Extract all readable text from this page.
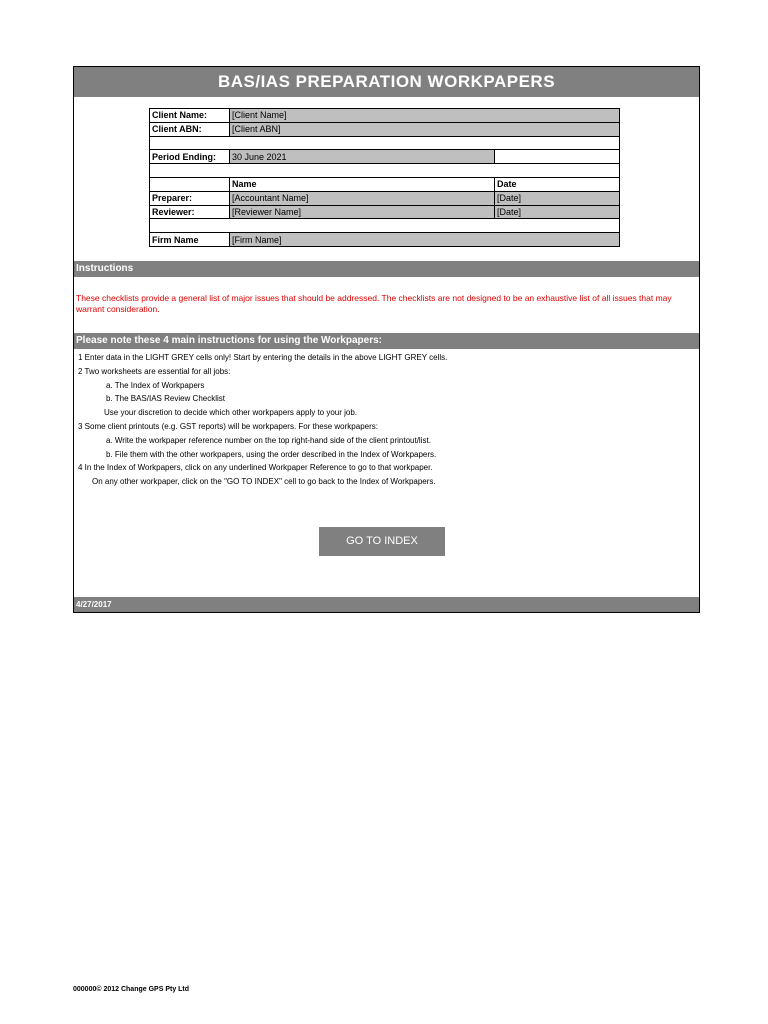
BAS/IAS PREPARATION WORKPAPERS
Client Name:	[Client Name]	
Client ABN:	[Client ABN]	

Period Ending:	30 June 2021	

	Name	Date
Preparer:	[Accountant Name]	[Date]
Reviewer:	[Reviewer Name]	[Date]

Firm Name	[Firm Name]	
Instructions
These checklists provide a general list of major issues that should be addressed. The checklists are not designed to be an exhaustive list of all issues that may warrant consideration.
Please note these 4 main instructions for using the Workpapers:
1 Enter data in the LIGHT GREY cells only! Start by entering the details in the above LIGHT GREY cells.
2 Two worksheets are essential for all jobs:
a. The Index of Workpapers
b. The BAS/IAS Review Checklist
Use your discretion to decide which other workpapers apply to your job.
3 Some client printouts (e.g. GST reports) will be workpapers. For these workpapers:
a. Write the workpaper reference number on the top right-hand side of the client printout/list.
b. File them with the other workpapers, using the order described in the Index of Workpapers.
4 In the Index of Workpapers, click on any underlined Workpaper Reference to go to that workpaper.
On any other workpaper, click on the "GO TO INDEX" cell to go back to the Index of Workpapers.
GO TO INDEX
4/27/2017
000000© 2012 Change GPS Pty Ltd
